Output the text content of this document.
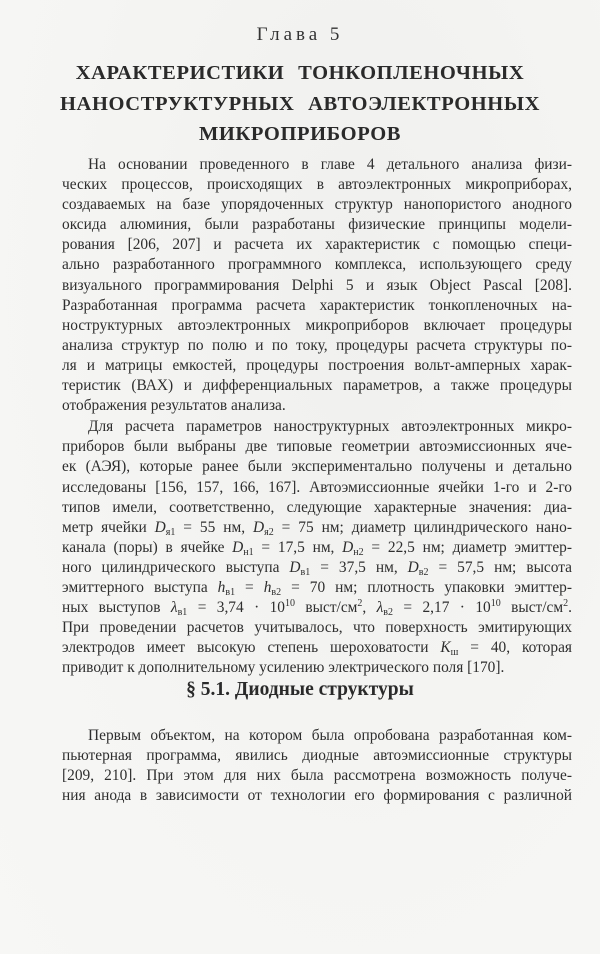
Глава 5
ХАРАКТЕРИСТИКИ ТОНКОПЛЕНОЧНЫХ
НАНОСТРУКТУРНЫХ АВТОЭЛЕКТРОННЫХ
МИКРОПРИБОРОВ
На основании проведенного в главе 4 детального анализа физи-
ческих процессов, происходящих в автоэлектронных микроприборах,
создаваемых на базе упорядоченных структур нанопористого анодного
оксида алюминия, были разработаны физические принципы модели-
рования [206, 207] и расчета их характеристик с помощью специ-
ально разработанного программного комплекса, использующего среду
визуального программирования Delphi 5 и язык Object Pascal [208].
Разработанная программа расчета характеристик тонкопленочных на-
ноструктурных автоэлектронных микроприборов включает процедуры
анализа структур по полю и по току, процедуры расчета структуры по-
ля и матрицы емкостей, процедуры построения вольт-амперных харак-
теристик (ВАХ) и дифференциальных параметров, а также процедуры
отображения результатов анализа.
Для расчета параметров наноструктурных автоэлектронных микро-
приборов были выбраны две типовые геометрии автоэмиссионных яче-
ек (АЭЯ), которые ранее были экспериментально получены и детально
исследованы [156, 157, 166, 167]. Автоэмиссионные ячейки 1-го и 2-го
типов имели, соответственно, следующие характерные значения: диа-
метр ячейки $D_{я1} = 55$ нм, $D_{я2} = 75$ нм; диаметр цилиндрического нано-
канала (поры) в ячейке $D_{н1} = 17,5$ нм, $D_{н2} = 22,5$ нм; диаметр эмиттер-
ного цилиндрического выступа $D_{в1} = 37,5$ нм, $D_{в2} = 57,5$ нм; высота
эмиттерного выступа $h_{в1} = h_{в2} = 70$ нм; плотность упаковки эмиттер-
ных выступов $\lambda_{в1} = 3,74 \cdot 10^{10}$ выст/$см^2$, $\lambda_{в2} = 2,17 \cdot 10^{10}$ выст/$см^2$.
При проведении расчетов учитывалось, что поверхность эмитирующих
электродов имеет высокую степень шероховатости $K_ш = 40$, которая
приводит к дополнительному усилению электрического поля [170].
§ 5.1. Диодные структуры
Первым объектом, на котором была опробована разработанная ком-
пьютерная программа, явились диодные автоэмиссионные структуры
[209, 210]. При этом для них была рассмотрена возможность получе-
ния анода в зависимости от технологии его формирования с различной
